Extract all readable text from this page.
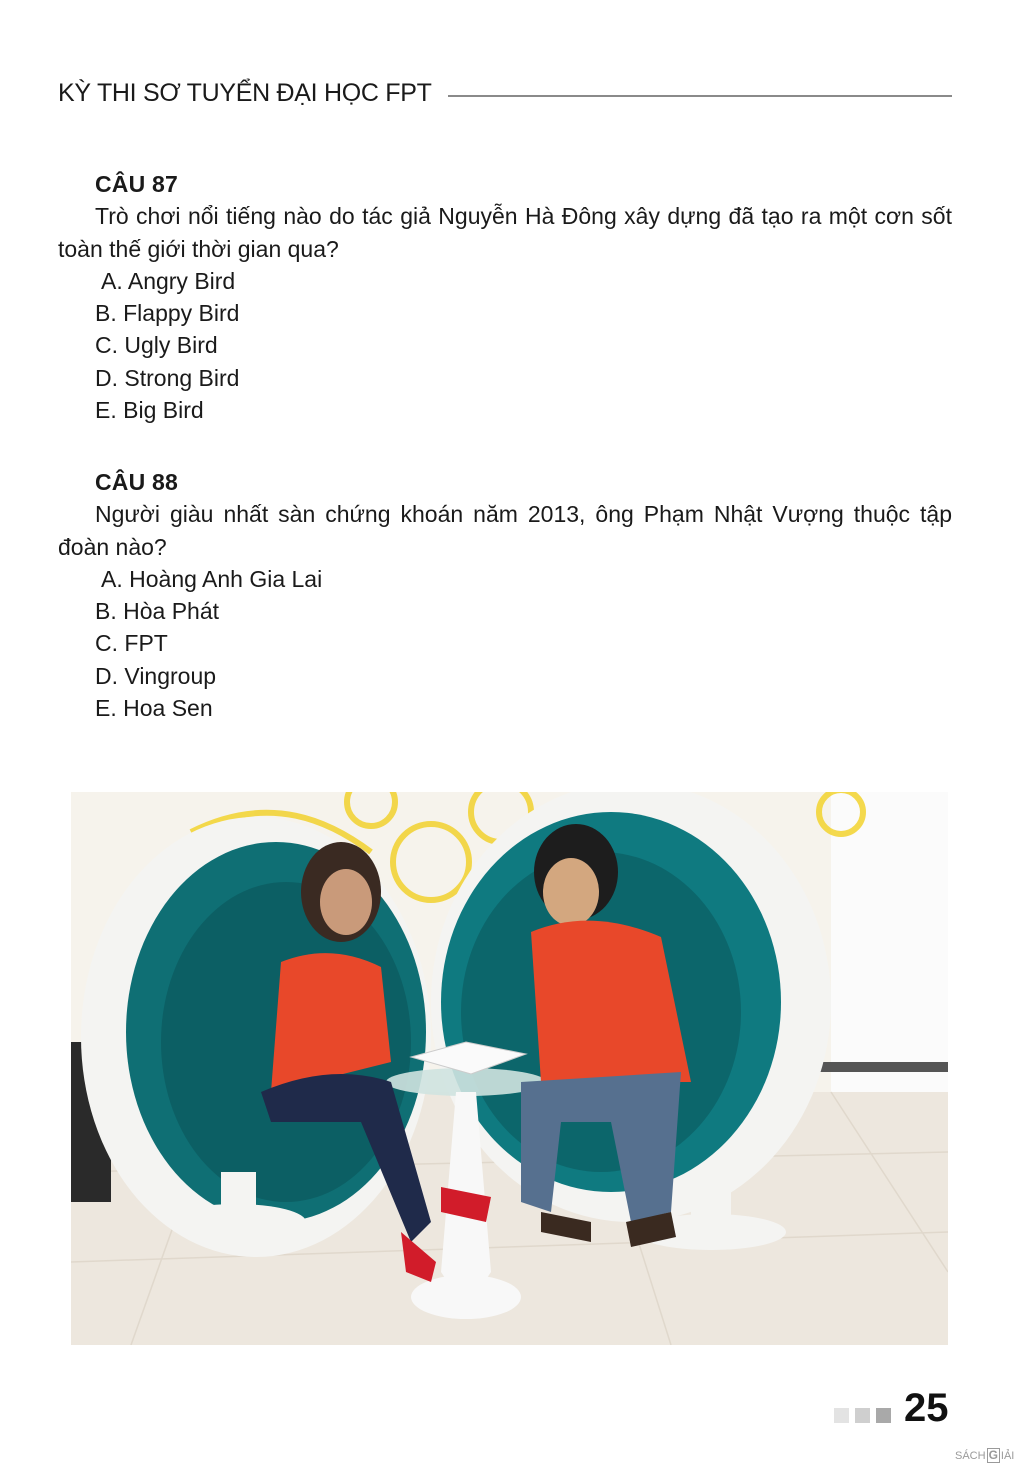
KỲ THI SƠ TUYỂN ĐẠI HỌC FPT
CÂU 87
Trò chơi nổi tiếng nào do tác giả Nguyễn Hà Đông xây dựng đã tạo ra một cơn sốt toàn thế giới thời gian qua?
A. Angry Bird
B. Flappy Bird
C. Ugly Bird
D. Strong Bird
E. Big Bird
CÂU 88
Người giàu nhất sàn chứng khoán năm 2013, ông Phạm Nhật Vượng thuộc tập đoàn nào?
A. Hoàng Anh Gia Lai
B. Hòa Phát
C. FPT
D. Vingroup
E. Hoa Sen
25
SÁCH G IẢI
